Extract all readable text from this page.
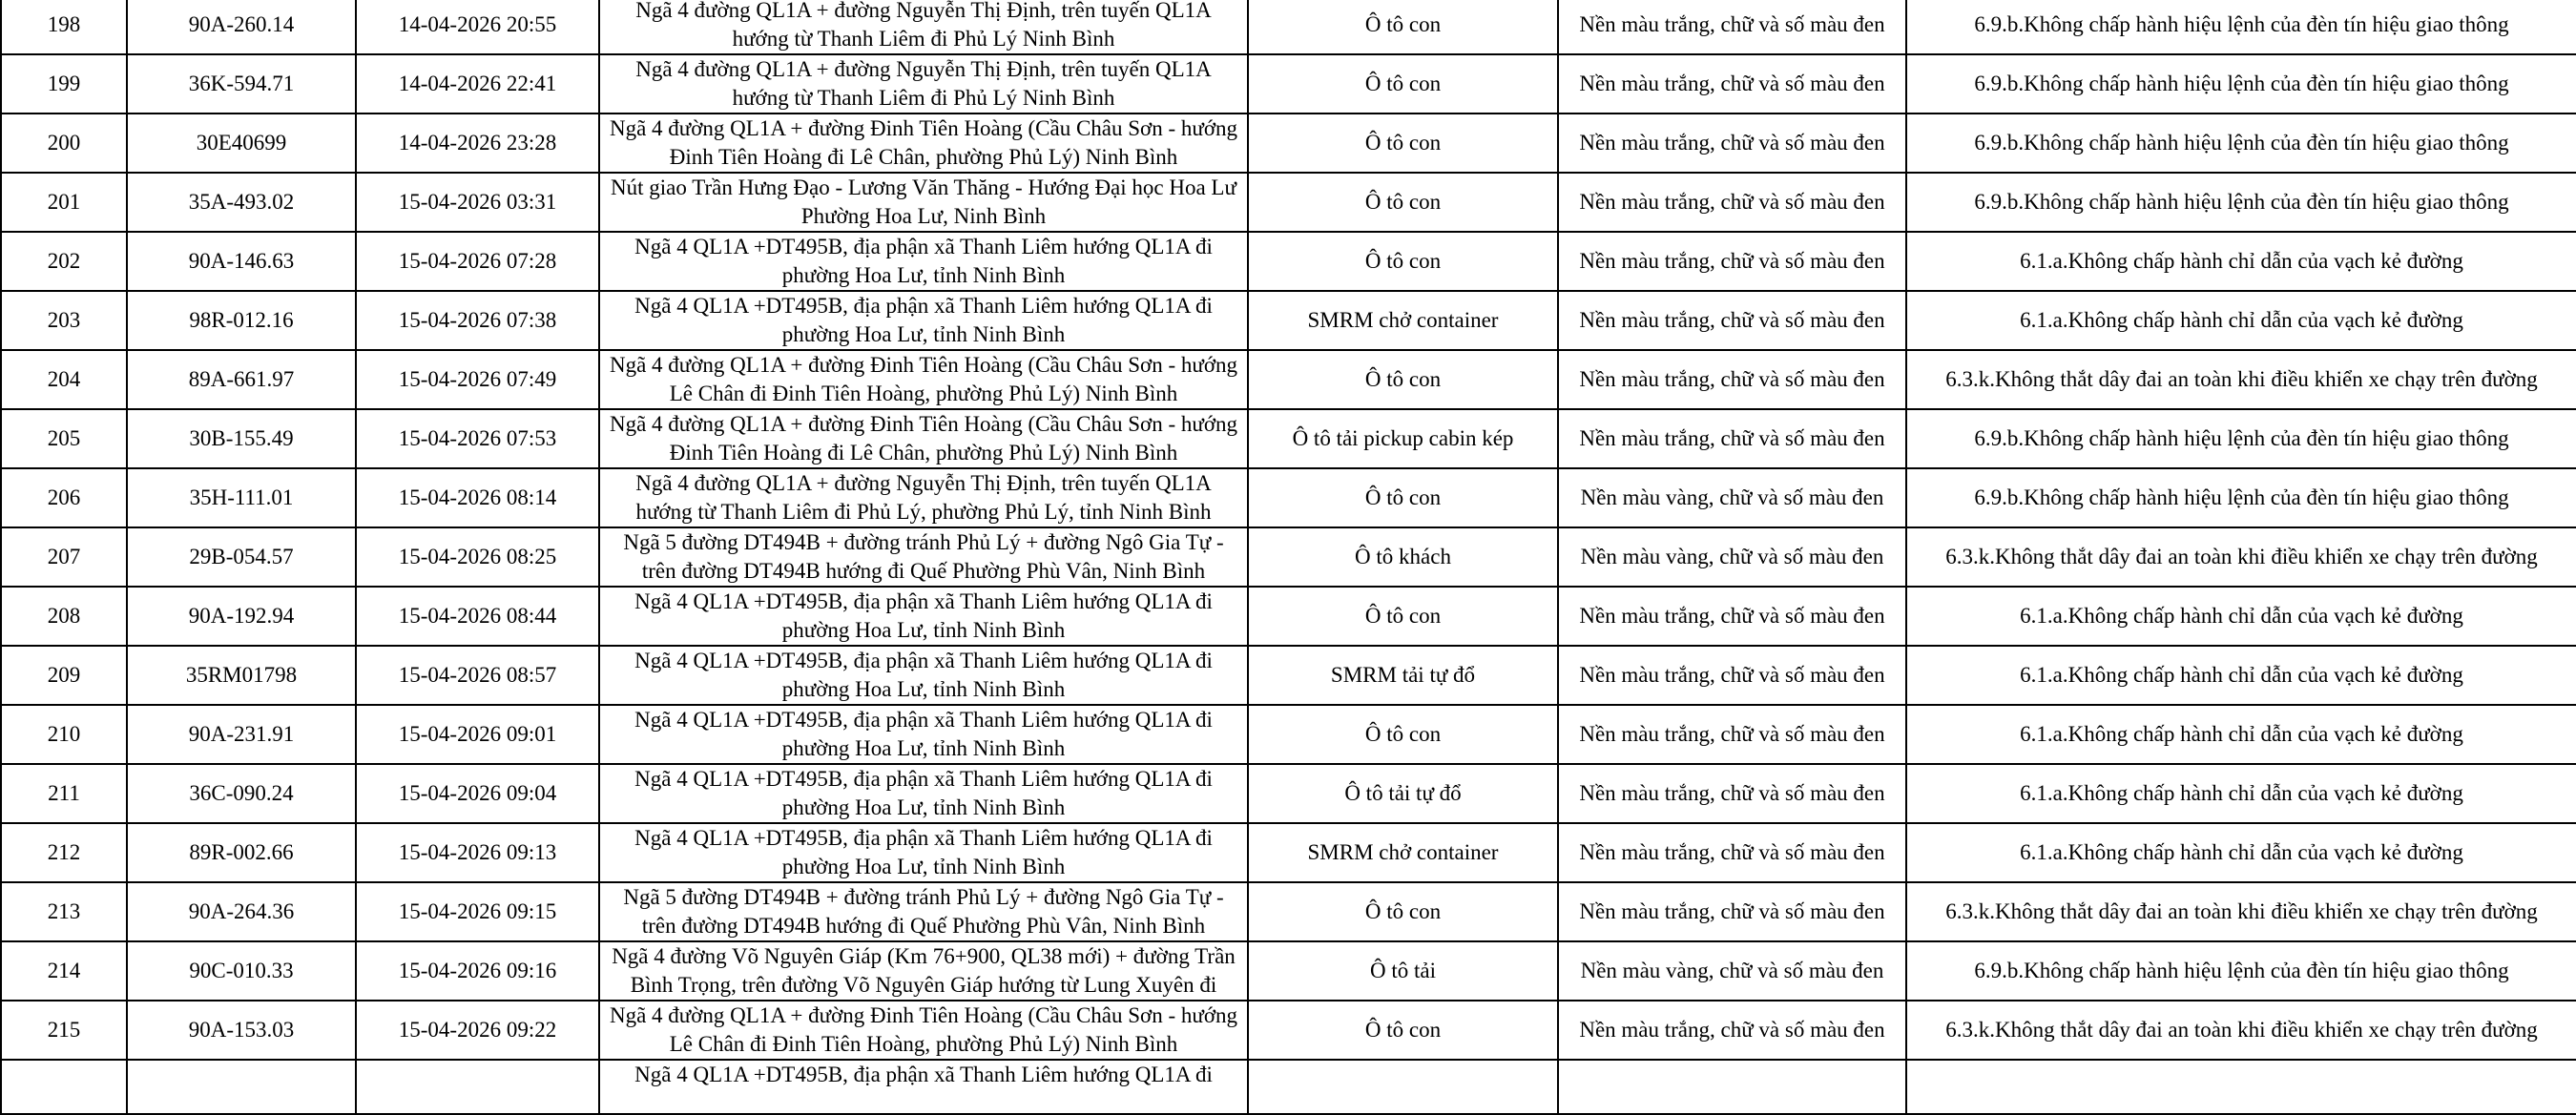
198	90A-260.14	14-04-2026 20:55	Ngã 4 đường QL1A + đường Nguyễn Thị Định, trên tuyến QL1A hướng từ Thanh Liêm đi Phủ Lý Ninh Bình	Ô tô con	Nền màu trắng, chữ và số màu đen	6.9.b.Không chấp hành hiệu lệnh của đèn tín hiệu giao thông
199	36K-594.71	14-04-2026 22:41	Ngã 4 đường QL1A + đường Nguyễn Thị Định, trên tuyến QL1A hướng từ Thanh Liêm đi Phủ Lý Ninh Bình	Ô tô con	Nền màu trắng, chữ và số màu đen	6.9.b.Không chấp hành hiệu lệnh của đèn tín hiệu giao thông
200	30E40699	14-04-2026 23:28	Ngã 4 đường QL1A + đường Đinh Tiên Hoàng (Cầu Châu Sơn - hướng Đinh Tiên Hoàng đi Lê Chân, phường Phủ Lý) Ninh Bình	Ô tô con	Nền màu trắng, chữ và số màu đen	6.9.b.Không chấp hành hiệu lệnh của đèn tín hiệu giao thông
201	35A-493.02	15-04-2026 03:31	Nút giao Trần Hưng Đạo - Lương Văn Thăng - Hướng Đại học Hoa Lư Phường Hoa Lư, Ninh Bình	Ô tô con	Nền màu trắng, chữ và số màu đen	6.9.b.Không chấp hành hiệu lệnh của đèn tín hiệu giao thông
202	90A-146.63	15-04-2026 07:28	Ngã 4 QL1A +DT495B, địa phận xã Thanh Liêm hướng QL1A đi phường Hoa Lư, tỉnh Ninh Bình	Ô tô con	Nền màu trắng, chữ và số màu đen	6.1.a.Không chấp hành chỉ dẫn của vạch kẻ đường
203	98R-012.16	15-04-2026 07:38	Ngã 4 QL1A +DT495B, địa phận xã Thanh Liêm hướng QL1A đi phường Hoa Lư, tỉnh Ninh Bình	SMRM chở container	Nền màu trắng, chữ và số màu đen	6.1.a.Không chấp hành chỉ dẫn của vạch kẻ đường
204	89A-661.97	15-04-2026 07:49	Ngã 4 đường QL1A + đường Đinh Tiên Hoàng (Cầu Châu Sơn - hướng Lê Chân đi Đinh Tiên Hoàng, phường Phủ Lý) Ninh Bình	Ô tô con	Nền màu trắng, chữ và số màu đen	6.3.k.Không thắt dây đai an toàn khi điều khiển xe chạy trên đường
205	30B-155.49	15-04-2026 07:53	Ngã 4 đường QL1A + đường Đinh Tiên Hoàng (Cầu Châu Sơn - hướng Đinh Tiên Hoàng đi Lê Chân, phường Phủ Lý) Ninh Bình	Ô tô tải pickup cabin kép	Nền màu trắng, chữ và số màu đen	6.9.b.Không chấp hành hiệu lệnh của đèn tín hiệu giao thông
206	35H-111.01	15-04-2026 08:14	Ngã 4 đường QL1A + đường Nguyễn Thị Định, trên tuyến QL1A hướng từ Thanh Liêm đi Phủ Lý, phường Phủ Lý, tỉnh Ninh Bình	Ô tô con	Nền màu vàng, chữ và số màu đen	6.9.b.Không chấp hành hiệu lệnh của đèn tín hiệu giao thông
207	29B-054.57	15-04-2026 08:25	Ngã 5 đường DT494B + đường tránh Phủ Lý + đường Ngô Gia Tự - trên đường DT494B hướng đi Quế Phường Phù Vân, Ninh Bình	Ô tô khách	Nền màu vàng, chữ và số màu đen	6.3.k.Không thắt dây đai an toàn khi điều khiển xe chạy trên đường
208	90A-192.94	15-04-2026 08:44	Ngã 4 QL1A +DT495B, địa phận xã Thanh Liêm hướng QL1A đi phường Hoa Lư, tỉnh Ninh Bình	Ô tô con	Nền màu trắng, chữ và số màu đen	6.1.a.Không chấp hành chỉ dẫn của vạch kẻ đường
209	35RM01798	15-04-2026 08:57	Ngã 4 QL1A +DT495B, địa phận xã Thanh Liêm hướng QL1A đi phường Hoa Lư, tỉnh Ninh Bình	SMRM tải tự đổ	Nền màu trắng, chữ và số màu đen	6.1.a.Không chấp hành chỉ dẫn của vạch kẻ đường
210	90A-231.91	15-04-2026 09:01	Ngã 4 QL1A +DT495B, địa phận xã Thanh Liêm hướng QL1A đi phường Hoa Lư, tỉnh Ninh Bình	Ô tô con	Nền màu trắng, chữ và số màu đen	6.1.a.Không chấp hành chỉ dẫn của vạch kẻ đường
211	36C-090.24	15-04-2026 09:04	Ngã 4 QL1A +DT495B, địa phận xã Thanh Liêm hướng QL1A đi phường Hoa Lư, tỉnh Ninh Bình	Ô tô tải tự đổ	Nền màu trắng, chữ và số màu đen	6.1.a.Không chấp hành chỉ dẫn của vạch kẻ đường
212	89R-002.66	15-04-2026 09:13	Ngã 4 QL1A +DT495B, địa phận xã Thanh Liêm hướng QL1A đi phường Hoa Lư, tỉnh Ninh Bình	SMRM chở container	Nền màu trắng, chữ và số màu đen	6.1.a.Không chấp hành chỉ dẫn của vạch kẻ đường
213	90A-264.36	15-04-2026 09:15	Ngã 5 đường DT494B + đường tránh Phủ Lý + đường Ngô Gia Tự - trên đường DT494B hướng đi Quế Phường Phù Vân, Ninh Bình	Ô tô con	Nền màu trắng, chữ và số màu đen	6.3.k.Không thắt dây đai an toàn khi điều khiển xe chạy trên đường
214	90C-010.33	15-04-2026 09:16	Ngã 4 đường Võ Nguyên Giáp (Km 76+900, QL38 mới) + đường Trần Bình Trọng, trên đường Võ Nguyên Giáp hướng từ Lung Xuyên đi	Ô tô tải	Nền màu vàng, chữ và số màu đen	6.9.b.Không chấp hành hiệu lệnh của đèn tín hiệu giao thông
215	90A-153.03	15-04-2026 09:22	Ngã 4 đường QL1A + đường Đinh Tiên Hoàng (Cầu Châu Sơn - hướng Lê Chân đi Đinh Tiên Hoàng, phường Phủ Lý) Ninh Bình	Ô tô con	Nền màu trắng, chữ và số màu đen	6.3.k.Không thắt dây đai an toàn khi điều khiển xe chạy trên đường
			Ngã 4 QL1A +DT495B, địa phận xã Thanh Liêm hướng QL1A đi			
